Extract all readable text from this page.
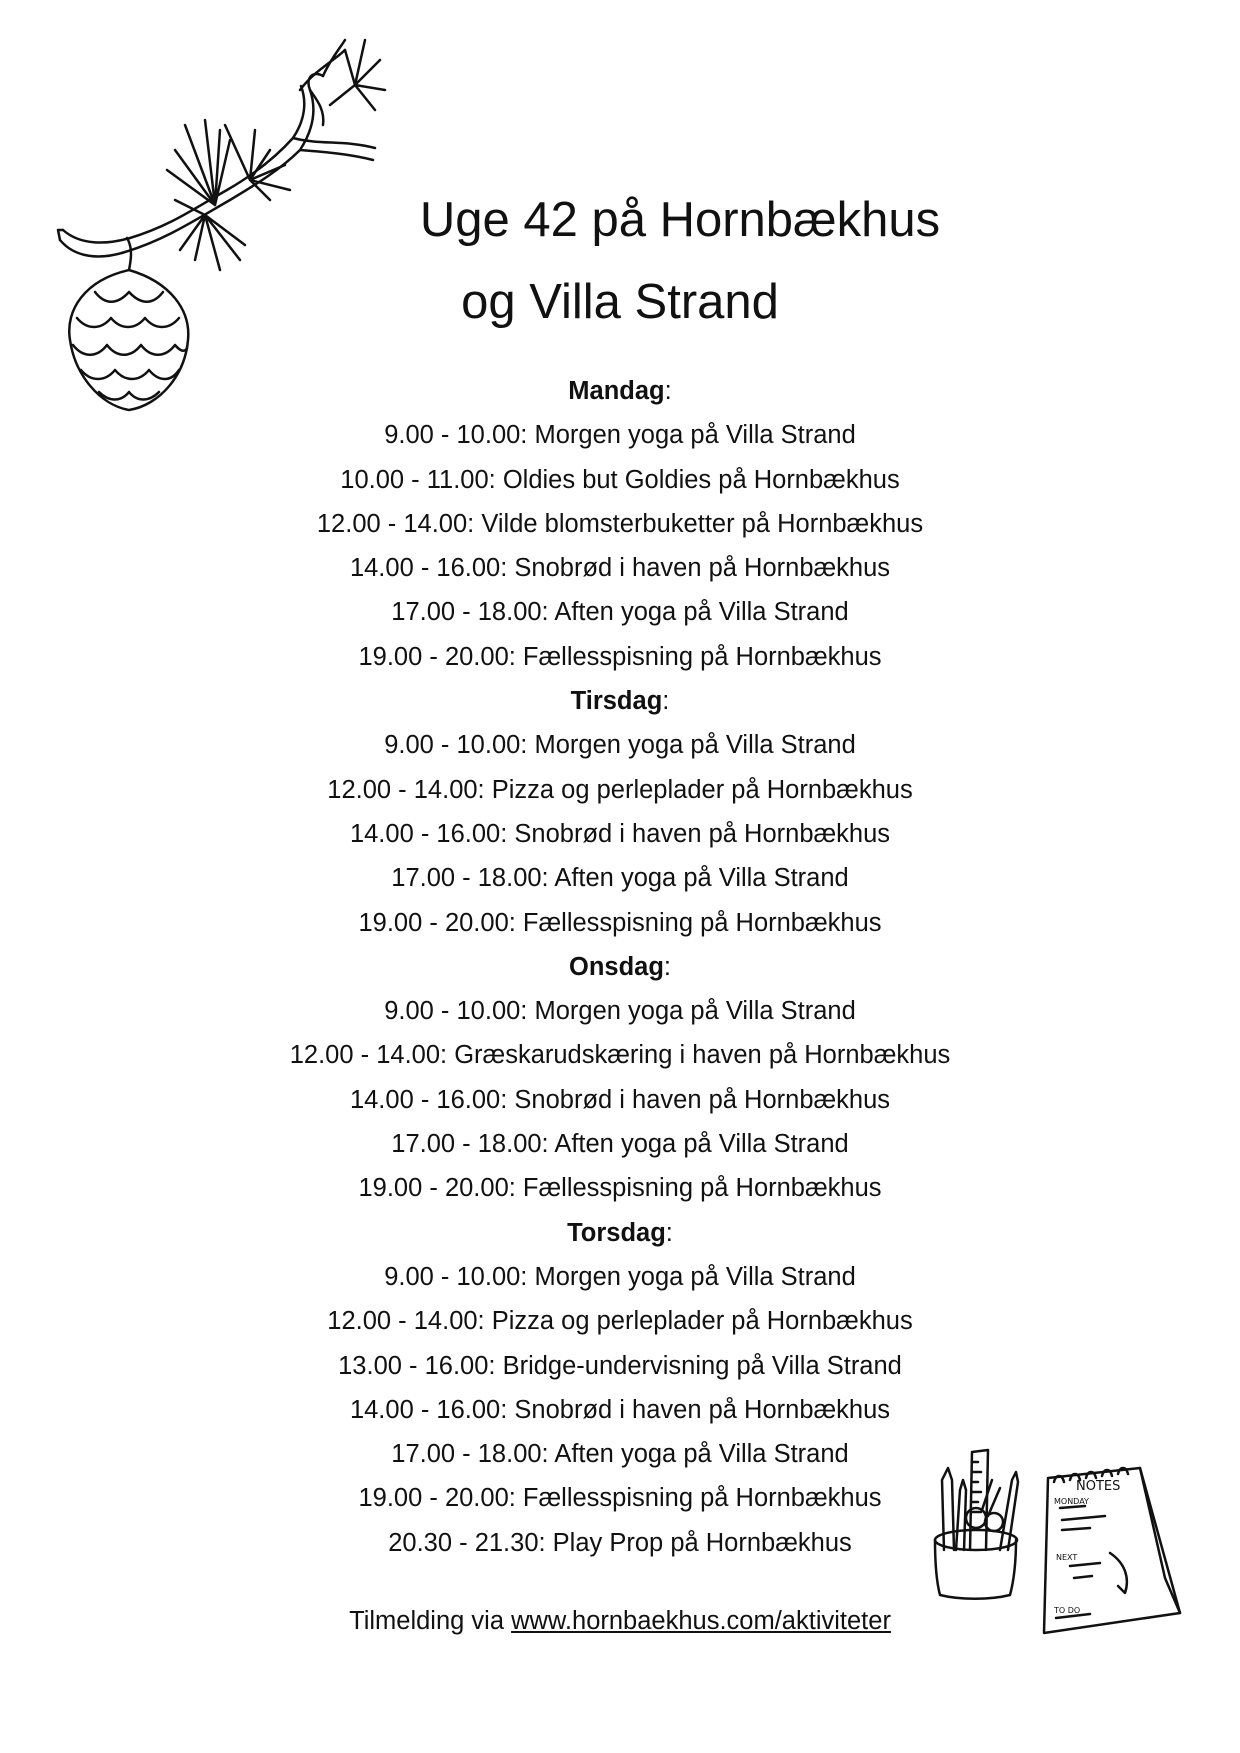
Uge 42 på Hornbækhus
og Villa Strand
Mandag:
9.00 - 10.00: Morgen yoga på Villa Strand
10.00 - 11.00: Oldies but Goldies på Hornbækhus
12.00 - 14.00: Vilde blomsterbuketter på Hornbækhus
14.00 - 16.00: Snobrød i haven på Hornbækhus
17.00 - 18.00: Aften yoga på Villa Strand
19.00 - 20.00: Fællesspisning på Hornbækhus
Tirsdag:
9.00 - 10.00: Morgen yoga på Villa Strand
12.00 - 14.00: Pizza og perleplader på Hornbækhus
14.00 - 16.00: Snobrød i haven på Hornbækhus
17.00 - 18.00: Aften yoga på Villa Strand
19.00 - 20.00: Fællesspisning på Hornbækhus
Onsdag:
9.00 - 10.00: Morgen yoga på Villa Strand
12.00 - 14.00: Græskarudskæring i haven på Hornbækhus
14.00 - 16.00: Snobrød i haven på Hornbækhus
17.00 - 18.00: Aften yoga på Villa Strand
19.00 - 20.00: Fællesspisning på Hornbækhus
Torsdag:
9.00 - 10.00: Morgen yoga på Villa Strand
12.00 - 14.00: Pizza og perleplader på Hornbækhus
13.00 - 16.00: Bridge-undervisning på Villa Strand
14.00 - 16.00: Snobrød i haven på Hornbækhus
17.00 - 18.00: Aften yoga på Villa Strand
19.00 - 20.00: Fællesspisning på Hornbækhus
20.30 - 21.30: Play Prop på Hornbækhus
NOTES
MONDAY
NEXT
TO DO
Tilmelding via www.hornbaekhus.com/aktiviteter
